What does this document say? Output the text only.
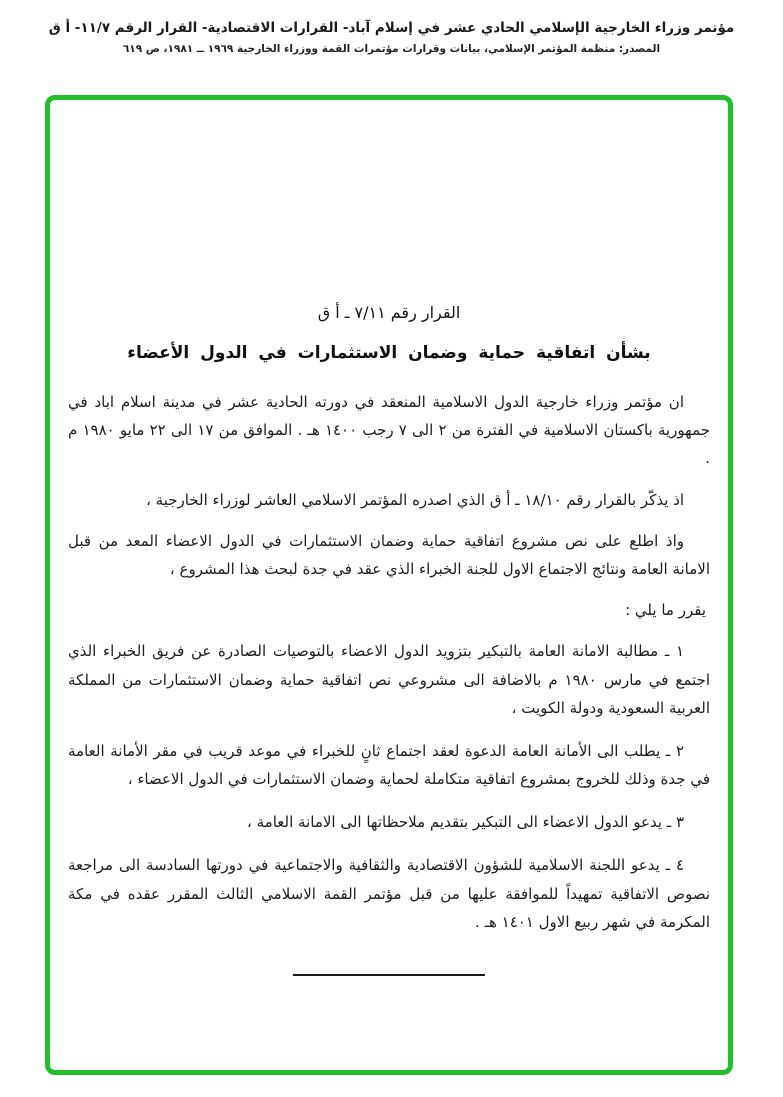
مؤتمر وزراء الخارجية الإسلامي الحادي عشر في إسلام آباد- القرارات الاقتصادية- القرار الرقم ١١/٧- أ ق
المصدر: منظمة المؤتمر الإسلامي، بيانات وقرارات مؤتمرات القمة ووزراء الخارجية ١٩٦٩ ــ ١٩٨١، ص ٦١٩
القرار رقم ٧/١١ ـ أ ق
بشأن اتفاقية حماية وضمان الاستثمارات في الدول الأعضاء

ان مؤتمر وزراء خارجية الدول الاسلامية المنعقد في دورته الحادية عشر في مدينة اسلام اباد في جمهورية باكستان الاسلامية في الفترة من ٢ الى ٧ رجب ١٤٠٠ هـ . الموافق من ١٧ الى ٢٢ مايو ١٩٨٠ م .

اذ يذكّر بالقرار رقم ١٨/١٠ ـ أ ق الذي اصدره المؤتمر الاسلامي العاشر لوزراء الخارجية ،

واذ اطلع على نص مشروع اتفاقية حماية وضمان الاستثمارات في الدول الاعضاء المعد من قبل الامانة العامة ونتائج الاجتماع الاول للجنة الخبراء الذي عقد في جدة لبحث هذا المشروع ،

يقرر ما يلي :

١ ـ مطالبة الامانة العامة بالتبكير بتزويد الدول الاعضاء بالتوصيات الصادرة عن فريق الخبراء الذي اجتمع في مارس ١٩٨٠ م بالاضافة الى مشروعي نص اتفاقية حماية وضمان الاستثمارات من المملكة العربية السعودية ودولة الكويت ،

٢ ـ يطلب الى الأمانة العامة الدعوة لعقد اجتماع ثانٍ للخبراء في موعد قريب في مقر الأمانة العامة في جدة وذلك للخروج بمشروع اتفاقية متكاملة لحماية وضمان الاستثمارات في الدول الاعضاء ،

٣ ـ يدعو الدول الاعضاء الى التبكير بتقديم ملاحظاتها الى الامانة العامة ،

٤ ـ يدعو اللجنة الاسلامية للشؤون الاقتصادية والثقافية والاجتماعية في دورتها السادسة الى مراجعة نصوص الاتفاقية تمهيداً للموافقة عليها من قبل مؤتمر القمة الاسلامي الثالث المقرر عقده في مكة المكرمة في شهر ربيع الاول ١٤٠١ هـ .
